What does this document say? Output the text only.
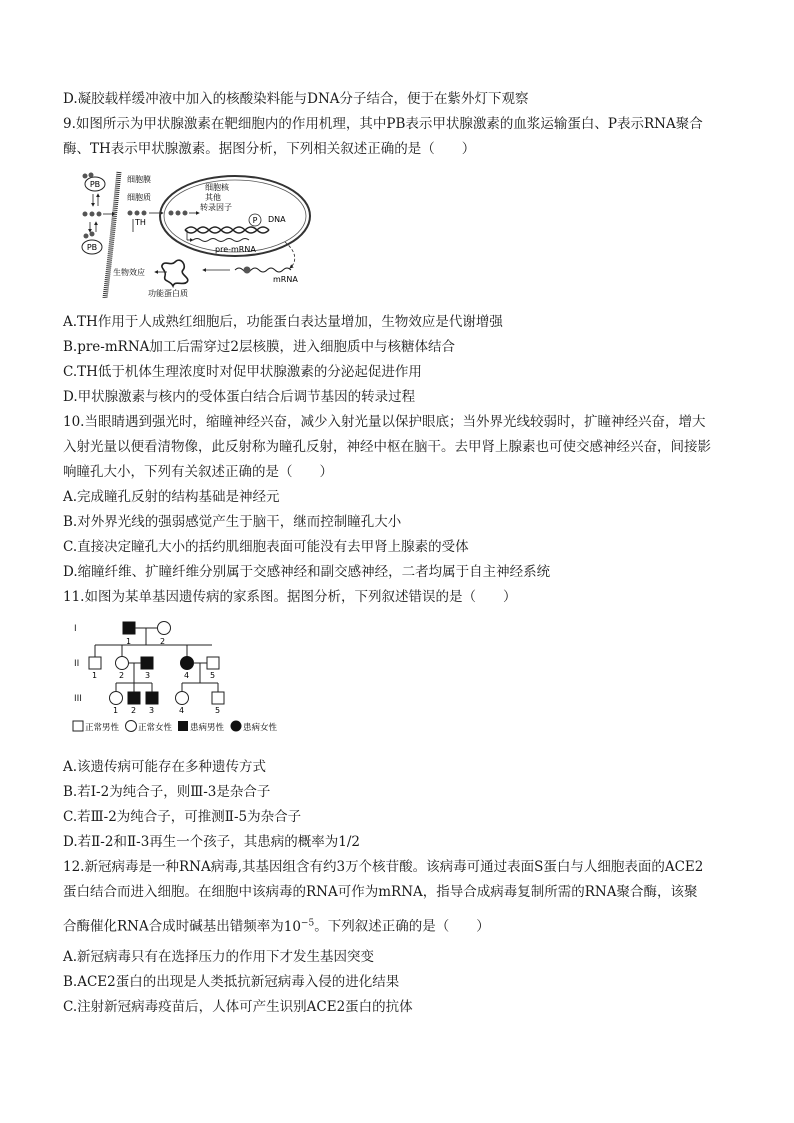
D.凝胶载样缓冲液中加入的核酸染料能与DNA分子结合，便于在紫外灯下观察
9.如图所示为甲状腺激素在靶细胞内的作用机理，其中PB表示甲状腺激素的血浆运输蛋白、P表示RNA聚合
酶、TH表示甲状腺激素。据图分析，下列相关叙述正确的是（　　）
PB
PB
细胞膜
细胞质
TH
细胞核
其他
转录因子
P DNA
pre-mRNA
mRNA
功能蛋白质
生物效应
A.TH作用于人成熟红细胞后，功能蛋白表达量增加，生物效应是代谢增强
B.pre-mRNA加工后需穿过2层核膜，进入细胞质中与核糖体结合
C.TH低于机体生理浓度时对促甲状腺激素的分泌起促进作用
D.甲状腺激素与核内的受体蛋白结合后调节基因的转录过程
10.当眼睛遇到强光时，缩瞳神经兴奋，减少入射光量以保护眼底；当外界光线较弱时，扩瞳神经兴奋，增大
入射光量以便看清物像，此反射称为瞳孔反射，神经中枢在脑干。去甲肾上腺素也可使交感神经兴奋，间接影
响瞳孔大小，下列有关叙述正确的是（　　）
A.完成瞳孔反射的结构基础是神经元
B.对外界光线的强弱感觉产生于脑干，继而控制瞳孔大小
C.直接决定瞳孔大小的括约肌细胞表面可能没有去甲肾上腺素的受体
D.缩瞳纤维、扩瞳纤维分别属于交感神经和副交感神经，二者均属于自主神经系统
11.如图为某单基因遗传病的家系图。据图分析，下列叙述错误的是（　　）
I
II
III
1	2
1	2	3	4	5
1 2 3	4	5
正常男性 正常女性 患病男性 患病女性
A.该遗传病可能存在多种遗传方式
B.若Ⅰ-2为纯合子，则Ⅲ-3是杂合子
C.若Ⅲ-2为纯合子，可推测Ⅱ-5为杂合子
D.若Ⅱ-2和Ⅱ-3再生一个孩子，其患病的概率为1/2
12.新冠病毒是一种RNA病毒,其基因组含有约3万个核苷酸。该病毒可通过表面S蛋白与人细胞表面的ACE2
蛋白结合而进入细胞。在细胞中该病毒的RNA可作为mRNA，指导合成病毒复制所需的RNA聚合酶，该聚
合酶催化RNA合成时碱基出错频率为$10^{-5}$。下列叙述正确的是（　　）
A.新冠病毒只有在选择压力的作用下才发生基因突变
B.ACE2蛋白的出现是人类抵抗新冠病毒入侵的进化结果
C.注射新冠病毒疫苗后，人体可产生识别ACE2蛋白的抗体
